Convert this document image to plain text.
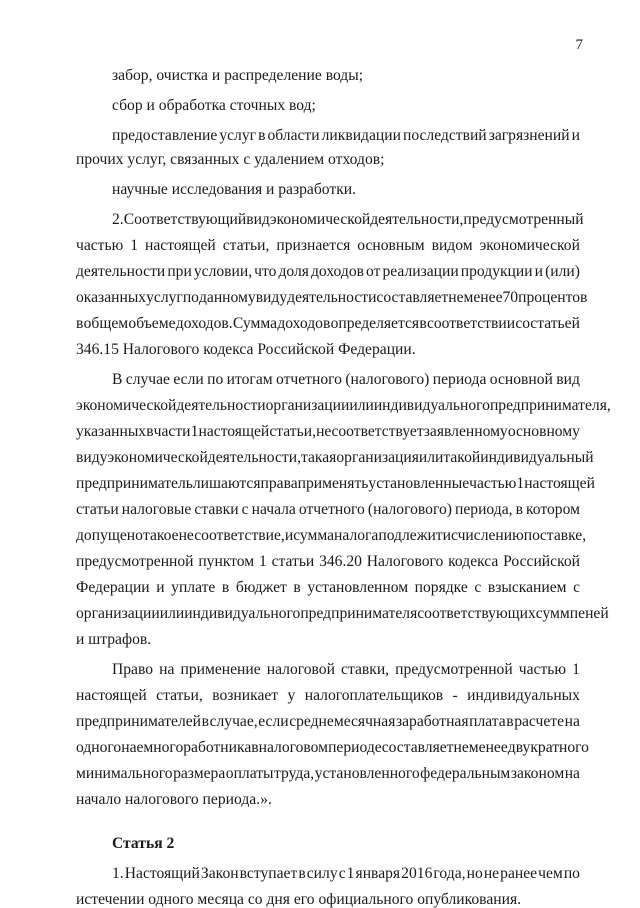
7
забор, очистка и распределение воды;
сбор и обработка сточных вод;
предоставление услуг в области ликвидации последствий загрязнений и
прочих услуг, связанных с удалением отходов;
научные исследования и разработки.
2. Соответствующий вид экономической деятельности, предусмотренный
частью 1 настоящей статьи, признается основным видом экономической
деятельности при условии, что доля доходов от реализации продукции и (или)
оказанных услуг по данному виду деятельности составляет не менее 70 процентов
в общем объеме доходов. Сумма доходов определяется в соответствии со статьей
346.15 Налогового кодекса Российской Федерации.
В случае если по итогам отчетного (налогового) периода основной вид
экономической деятельности организации или индивидуального предпринимателя,
указанных в части 1 настоящей статьи, не соответствует заявленному основному
виду экономической деятельности, такая организация или такой индивидуальный
предприниматель лишаются права применять установленные частью 1 настоящей
статьи налоговые ставки с начала отчетного (налогового) периода, в котором
допущено такое несоответствие, и сумма налога подлежит исчислению по ставке,
предусмотренной пунктом 1 статьи 346.20 Налогового кодекса Российской
Федерации и уплате в бюджет в установленном порядке с взысканием с
организации или индивидуального предпринимателя соответствующих сумм пеней
и штрафов.
Право на применение налоговой ставки, предусмотренной частью 1
настоящей статьи, возникает у налогоплательщиков - индивидуальных
предпринимателей в случае, если среднемесячная заработная плата в расчете на
одного наемного работника в налоговом периоде составляет не менее двукратного
минимального размера оплаты труда, установленного федеральным законом на
начало налогового периода.».
Статья 2
1. Настоящий Закон вступает в силу с 1 января 2016 года, но не ранее чем по
истечении одного месяца со дня его официального опубликования.
